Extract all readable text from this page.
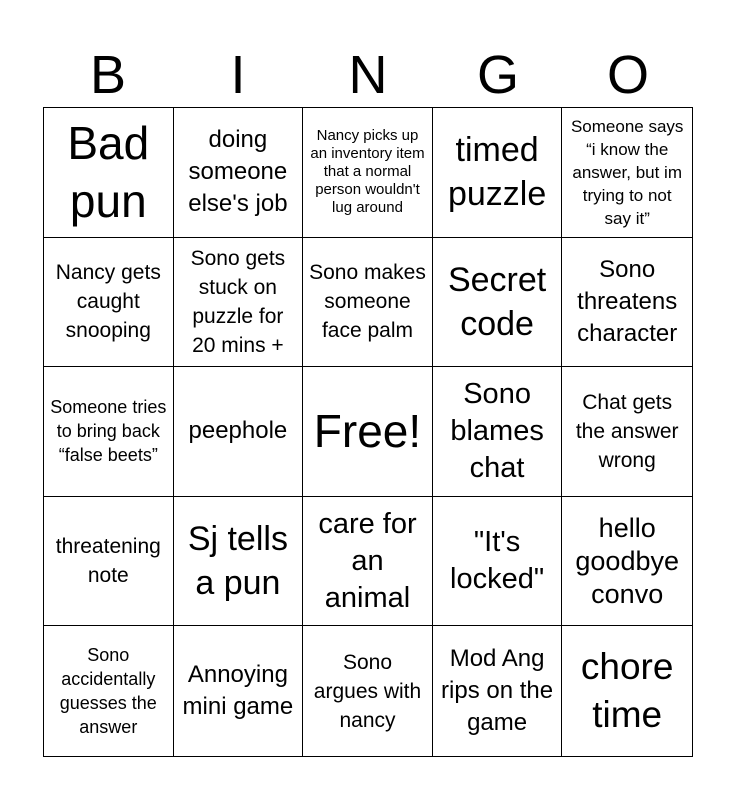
B	I	N	G	O
Bad pun
doing someone else's job
Nancy picks up an inventory item that a normal person wouldn't lug around
timed puzzle
Someone says “i know the answer, but im trying to not say it”
Nancy gets caught snooping
Sono gets stuck on puzzle for 20 mins +
Sono makes someone face palm
Secret code
Sono threatens character
Someone tries to bring back “false beets”
peephole Free!
Sono blames chat
Chat gets the answer wrong
threatening note
Sj tells a pun
care for an animal
"It's locked"
hello goodbye convo
Sono accidentally guesses the answer
Annoying mini game
Sono argues with nancy
Mod Ang rips on the game
chore time
